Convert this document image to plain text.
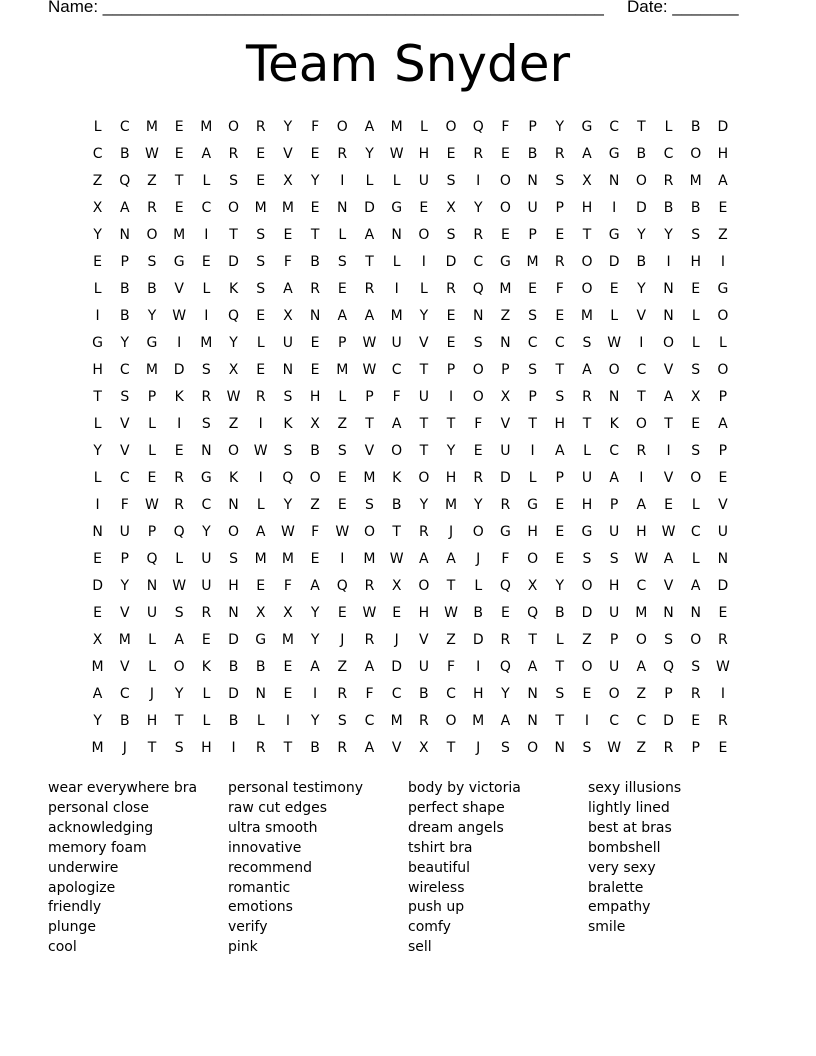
Name: _____________________________________________________ Date: _______
Team Snyder
L	C	M	E	M	O	R	Y	F	O	A	M	L	O	Q	F	P	Y	G	C	T	L	B	D
C	B	W	E	A	R	E	V	E	R	Y	W	H	E	R	E	B	R	A	G	B	C	O	H
Z	Q	Z	T	L	S	E	X	Y	I	L	L	U	S	I	O	N	S	X	N	O	R	M	A
X	A	R	E	C	O	M	M	E	N	D	G	E	X	Y	O	U	P	H	I	D	B	B	E
Y	N	O	M	I	T	S	E	T	L	A	N	O	S	R	E	P	E	T	G	Y	Y	S	Z
E	P	S	G	E	D	S	F	B	S	T	L	I	D	C	G	M	R	O	D	B	I	H	I
L	B	B	V	L	K	S	A	R	E	R	I	L	R	Q	M	E	F	O	E	Y	N	E	G
I	B	Y	W	I	Q	E	X	N	A	A	M	Y	E	N	Z	S	E	M	L	V	N	L	O
G	Y	G	I	M	Y	L	U	E	P	W	U	V	E	S	N	C	C	S	W	I	O	L	L
H	C	M	D	S	X	E	N	E	M	W	C	T	P	O	P	S	T	A	O	C	V	S	O
T	S	P	K	R	W	R	S	H	L	P	F	U	I	O	X	P	S	R	N	T	A	X	P
L	V	L	I	S	Z	I	K	X	Z	T	A	T	T	F	V	T	H	T	K	O	T	E	A
Y	V	L	E	N	O	W	S	B	S	V	O	T	Y	E	U	I	A	L	C	R	I	S	P
L	C	E	R	G	K	I	Q	O	E	M	K	O	H	R	D	L	P	U	A	I	V	O	E
I	F	W	R	C	N	L	Y	Z	E	S	B	Y	M	Y	R	G	E	H	P	A	E	L	V
N	U	P	Q	Y	O	A	W	F	W	O	T	R	J	O	G	H	E	G	U	H	W	C	U
E	P	Q	L	U	S	M	M	E	I	M	W	A	A	J	F	O	E	S	S	W	A	L	N
D	Y	N	W	U	H	E	F	A	Q	R	X	O	T	L	Q	X	Y	O	H	C	V	A	D
E	V	U	S	R	N	X	X	Y	E	W	E	H	W	B	E	Q	B	D	U	M	N	N	E
X	M	L	A	E	D	G	M	Y	J	R	J	V	Z	D	R	T	L	Z	P	O	S	O	R
M	V	L	O	K	B	B	E	A	Z	A	D	U	F	I	Q	A	T	O	U	A	Q	S	W
A	C	J	Y	L	D	N	E	I	R	F	C	B	C	H	Y	N	S	E	O	Z	P	R	I
Y	B	H	T	L	B	L	I	Y	S	C	M	R	O	M	A	N	T	I	C	C	D	E	R
M	J	T	S	H	I	R	T	B	R	A	V	X	T	J	S	O	N	S	W	Z	R	P	E
wear everywhere bra
personal close
acknowledging
memory foam
underwire
apologize
friendly
plunge
cool
personal testimony
raw cut edges
ultra smooth
innovative
recommend
romantic
emotions
verify
pink
body by victoria
perfect shape
dream angels
tshirt bra
beautiful
wireless
push up
comfy
sell
sexy illusions
lightly lined
best at bras
bombshell
very sexy
bralette
empathy
smile
